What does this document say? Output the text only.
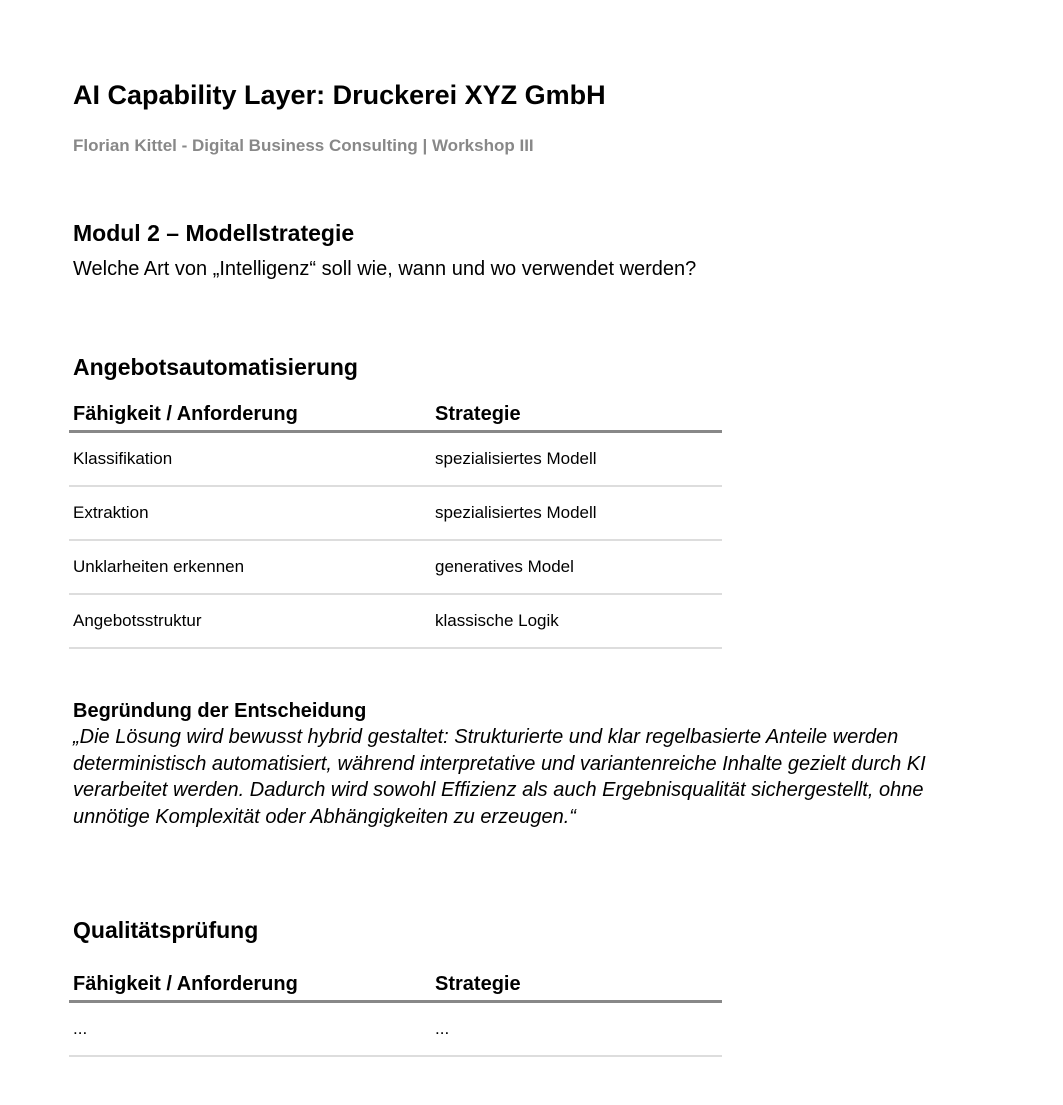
AI Capability Layer: Druckerei XYZ GmbH
Florian Kittel - Digital Business Consulting | Workshop III
Modul 2 – Modellstrategie
Welche Art von „Intelligenz“ soll wie, wann und wo verwendet werden?
Angebotsautomatisierung
Fähigkeit / Anforderung	Strategie
Klassifikation	spezialisiertes Modell
Extraktion	spezialisiertes Modell
Unklarheiten erkennen	generatives Model
Angebotsstruktur	klassische Logik
Begründung der Entscheidung
„Die Lösung wird bewusst hybrid gestaltet: Strukturierte und klar regelbasierte Anteile werden deterministisch automatisiert, während interpretative und variantenreiche Inhalte gezielt durch KI verarbeitet werden. Dadurch wird sowohl Effizienz als auch Ergebnisqualität sichergestellt, ohne unnötige Komplexität oder Abhängigkeiten zu erzeugen.“
Qualitätsprüfung
Fähigkeit / Anforderung	Strategie
...	...
